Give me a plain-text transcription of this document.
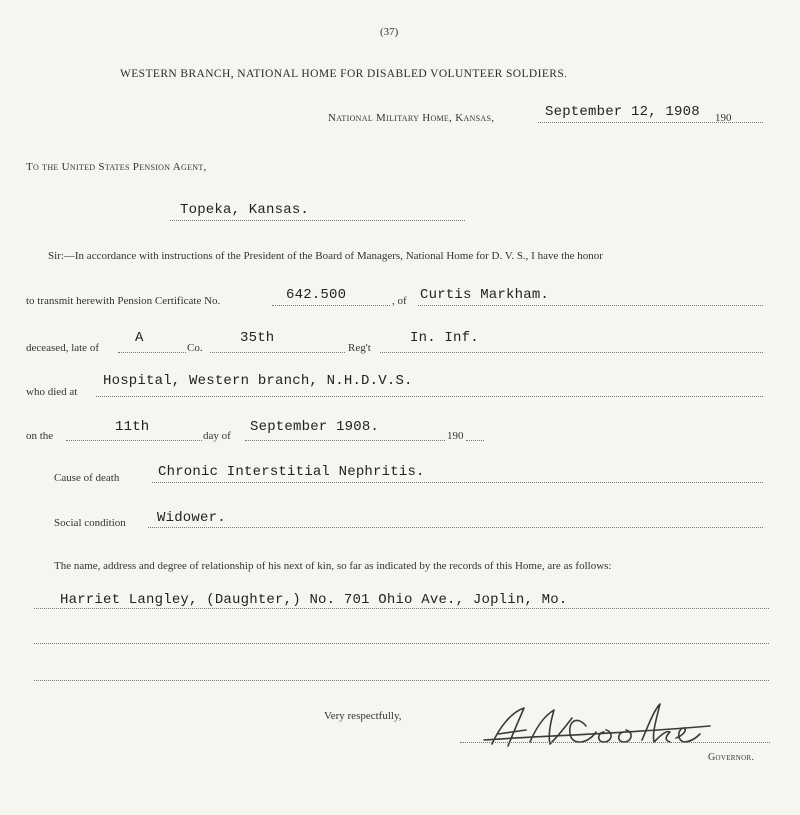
(37)
WESTERN BRANCH, NATIONAL HOME FOR DISABLED VOLUNTEER SOLDIERS.
National Military Home, Kansas,	September 12, 1908 190
To the United States Pension Agent,
Topeka, Kansas.
Sir:—In accordance with instructions of the President of the Board of Managers, National Home for D. V. S., I have the honor
to transmit herewith Pension Certificate No.	642.500	, of Curtis Markham.
deceased, late of
A
Co.
35th
Reg't
In. Inf.
who died at
Hospital, Western branch, N.H.D.V.S.
on the
11th
day of
September 1908.
190
Cause of death	Chronic Interstitial Nephritis.
Social condition Widower.
The name, address and degree of relationship of his next of kin, so far as indicated by the records of this Home, are as follows:
Harriet Langley, (Daughter,) No. 701 Ohio Ave., Joplin, Mo.
Very respectfully,
Governor.
